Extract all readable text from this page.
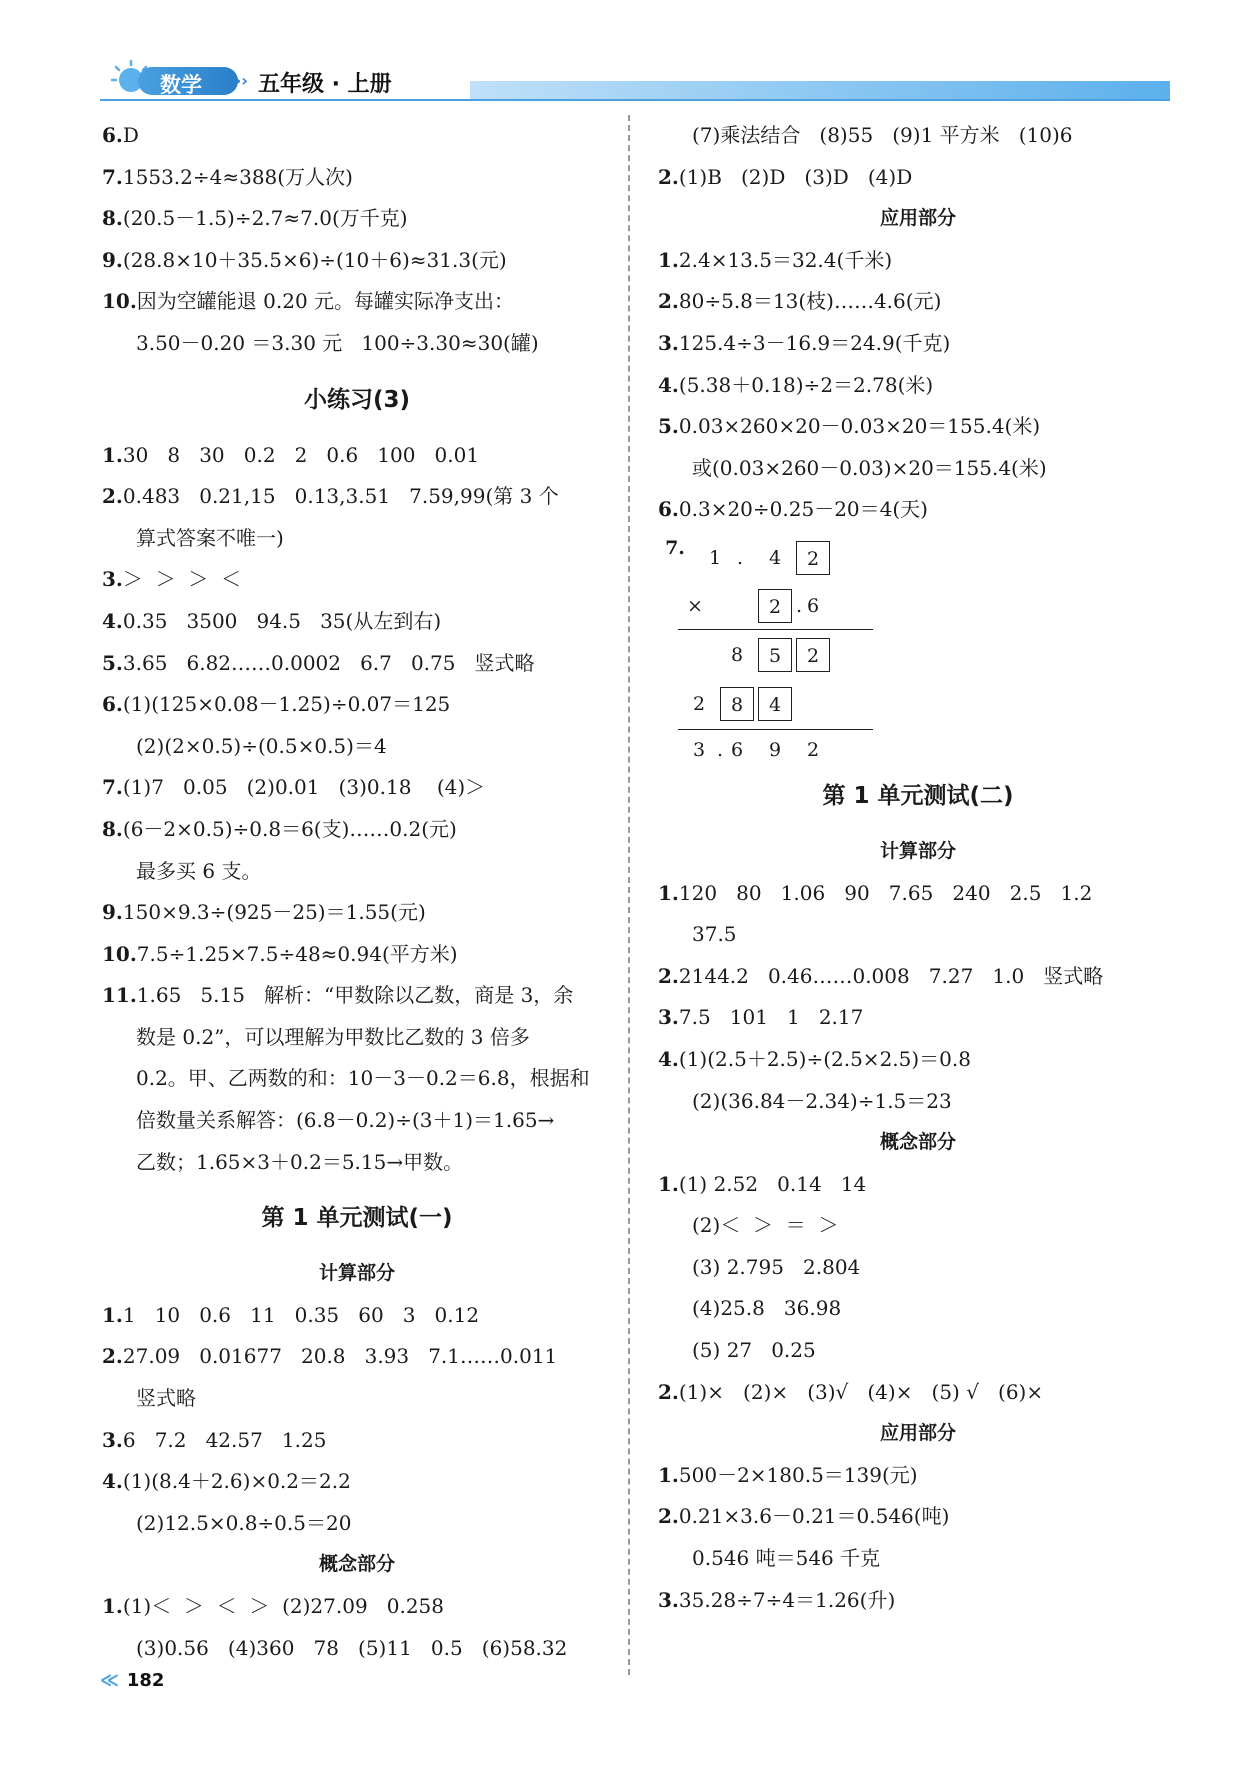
数学 ››› 五年级 · 上册

6.D

7.1553.2÷4≈388(万人次)

8.(20.5－1.5)÷2.7≈7.0(万千克)

9.(28.8×10＋35.5×6)÷(10＋6)≈31.3(元)

10.因为空罐能退 0.20 元。每罐实际净支出：

3.50－0.20 ＝3.30 元   100÷3.30≈30(罐)

小练习(3)

1.30   8   30   0.2   2   0.6   100   0.01

2.0.483   0.21,15   0.13,3.51   7.59,99(第 3 个

算式答案不唯一)

3.＞  ＞  ＞  ＜

4.0.35   3500   94.5   35(从左到右)

5.3.65   6.82……0.0002   6.7   0.75   竖式略

6.(1)(125×0.08－1.25)÷0.07＝125

(2)(2×0.5)÷(0.5×0.5)＝4

7.(1)7   0.05   (2)0.01   (3)0.18    (4)＞

8.(6－2×0.5)÷0.8＝6(支)……0.2(元)

最多买 6 支。

9.150×9.3÷(925－25)＝1.55(元)

10.7.5÷1.25×7.5÷48≈0.94(平方米)

11.1.65   5.15   解析：“甲数除以乙数，商是 3，余

数是 0.2”，可以理解为甲数比乙数的 3 倍多

0.2。甲、乙两数的和：10－3－0.2＝6.8，根据和

倍数量关系解答：(6.8－0.2)÷(3＋1)＝1.65→

乙数；1.65×3＋0.2＝5.15→甲数。

第 1 单元测试(一)

计算部分

1.1   10   0.6   11   0.35   60   3   0.12

2.27.09   0.01677   20.8   3.93   7.1……0.011

竖式略

3.6   7.2   42.57   1.25

4.(1)(8.4＋2.6)×0.2＝2.2

(2)12.5×0.8÷0.5＝20

概念部分

1.(1)＜  ＞  ＜  ＞  (2)27.09   0.258

(3)0.56   (4)360   78   (5)11   0.5   (6)58.32

(7)乘法结合   (8)55   (9)1 平方米   (10)6

2.(1)B   (2)D   (3)D   (4)D

应用部分

1.2.4×13.5＝32.4(千米)

2.80÷5.8＝13(枝)……4.6(元)

3.125.4÷3－16.9＝24.9(千克)

4.(5.38＋0.18)÷2＝2.78(米)

5.0.03×260×20－0.03×20＝155.4(米)

或(0.03×260－0.03)×20＝155.4(米)

6.0.3×20÷0.25－20＝4(天)

7.	1 .	4	2
×	2 . 6
8	5	2
2	8	4
3 . 6	9	2

第 1 单元测试(二)

计算部分

1.120   80   1.06   90   7.65   240   2.5   1.2

37.5

2.2144.2   0.46……0.008   7.27   1.0   竖式略

3.7.5   101   1   2.17

4.(1)(2.5＋2.5)÷(2.5×2.5)＝0.8

(2)(36.84－2.34)÷1.5＝23

概念部分

1.(1) 2.52   0.14   14

(2)＜  ＞  ＝  ＞

(3) 2.795   2.804

(4)25.8   36.98

(5) 27   0.25

2.(1)×   (2)×   (3)√   (4)×   (5) √   (6)×

应用部分

1.500－2×180.5＝139(元)

2.0.21×3.6－0.21＝0.546(吨)

0.546 吨＝546 千克

3.35.28÷7÷4＝1.26(升)

≪ 182
